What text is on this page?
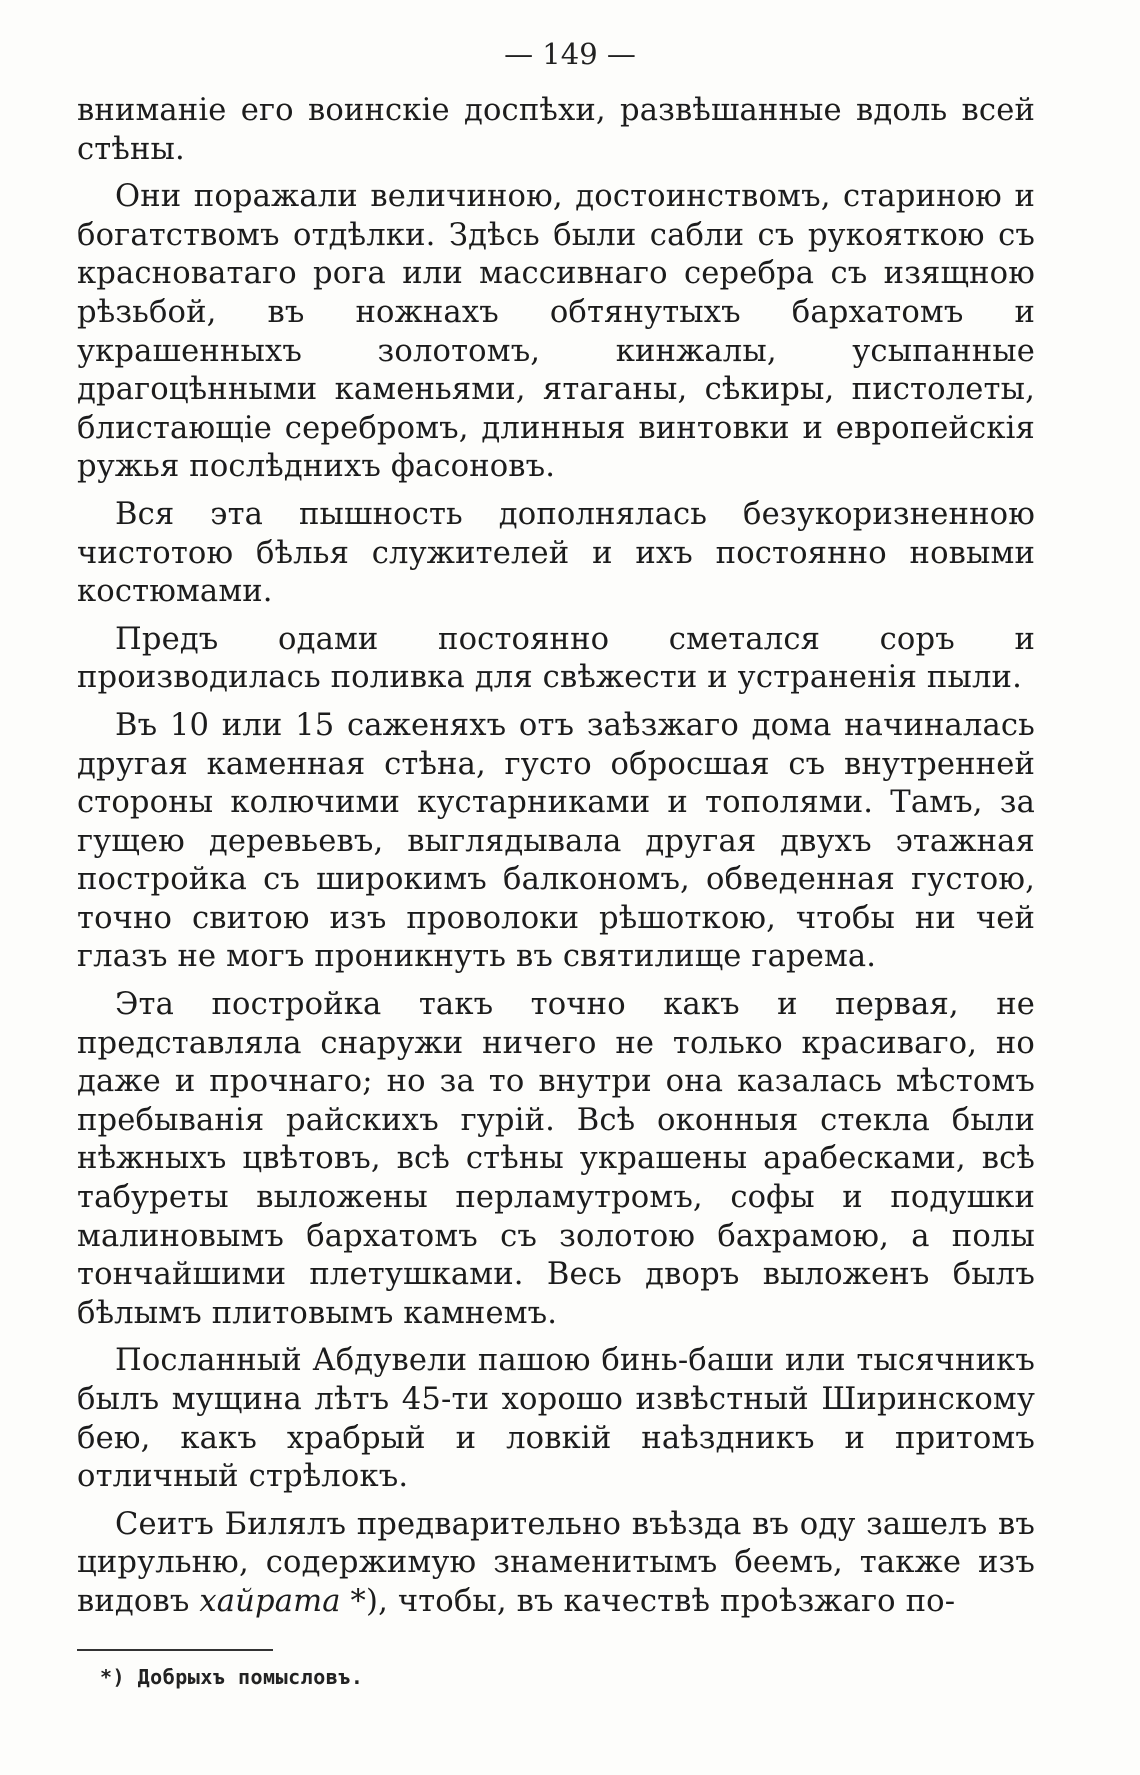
— 149 —

вниманіе его воинскіе доспѣхи, развѣшанные вдоль всей стѣны.

Они поражали величиною, достоинствомъ, стариною и богатствомъ отдѣлки. Здѣсь были сабли съ рукояткою съ красноватаго рога или массивнаго серебра съ изящною рѣзьбой, въ ножнахъ обтянутыхъ бархатомъ и украшенныхъ золотомъ, кинжалы, усыпанные драгоцѣнными каменьями, ятаганы, сѣкиры, пистолеты, блистающіе серебромъ, длинныя винтовки и европейскія ружья послѣднихъ фасоновъ.

Вся эта пышность дополнялась безукоризненною чистотою бѣлья служителей и ихъ постоянно новыми костюмами.

Предъ одами постоянно сметался соръ и производилась поливка для свѣжести и устраненія пыли.

Въ 10 или 15 саженяхъ отъ заѣзжаго дома начиналась другая каменная стѣна, густо обросшая съ внутренней стороны колючими кустарниками и тополями. Тамъ, за гущею деревьевъ, выглядывала другая двухъ этажная постройка съ широкимъ балкономъ, обведенная густою, точно свитою изъ проволоки рѣшоткою, чтобы ни чей глазъ не могъ проникнуть въ святилище гарема.

Эта постройка такъ точно какъ и первая, не представляла снаружи ничего не только красиваго, но даже и прочнаго; но за то внутри она казалась мѣстомъ пребыванія райскихъ гурій. Всѣ оконныя стекла были нѣжныхъ цвѣтовъ, всѣ стѣны украшены арабесками, всѣ табуреты выложены перламутромъ, софы и подушки малиновымъ бархатомъ съ золотою бахрамою, а полы тончайшими плетушками. Весь дворъ выложенъ былъ бѣлымъ плитовымъ камнемъ.

Посланный Абдувели пашою бинь-баши или тысячникъ былъ мущина лѣтъ 45-ти хорошо извѣстный Ширинскому бею, какъ храбрый и ловкій наѣздникъ и притомъ отличный стрѣлокъ.

Сеитъ Билялъ предварительно въѣзда въ оду зашелъ въ цирульню, содержимую знаменитымъ беемъ, также изъ видовъ хайрата *), чтобы, въ качествѣ проѣзжаго по-

*) Добрыхъ помысловъ.
